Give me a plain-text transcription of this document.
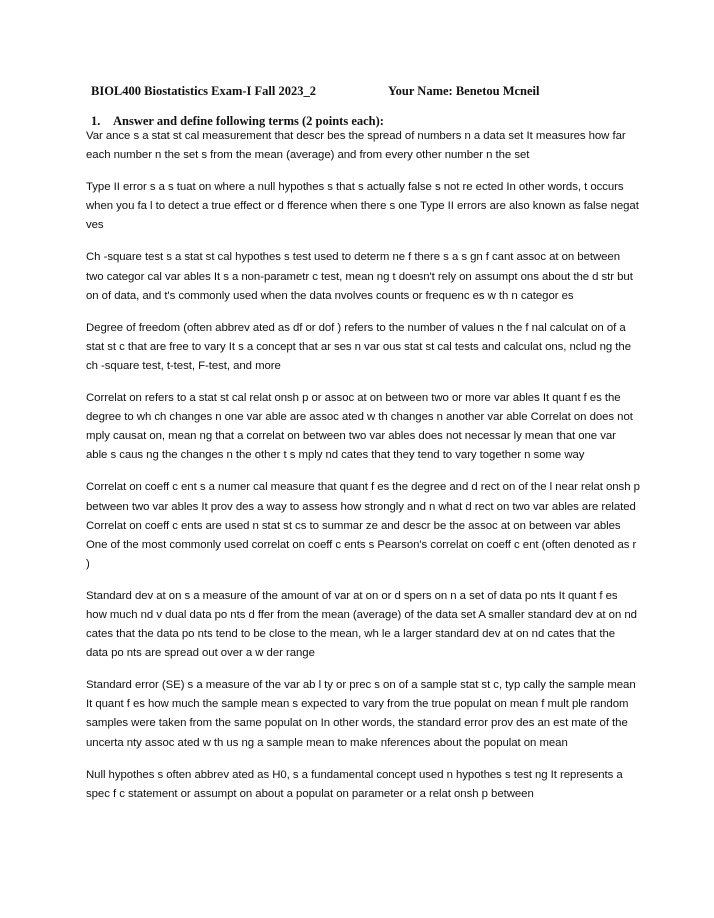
BIOL400 Biostatistics Exam-I Fall 2023_2	Your Name: Benetou Mcneil
1. Answer and define following terms (2 points each):

Var ance s a stat st cal measurement that descr bes the spread of numbers n a data set It measures how far each number n the set s from the mean (average) and from every other number n the set

Type II error s a s tuat on where a null hypothes s that s actually false s not re ected In other words, t occurs when you fa l to detect a true effect or d fference when there s one Type II errors are also known as false negat ves

Ch -square test s a stat st cal hypothes s test used to determ ne f there s a s gn f cant assoc at on between two categor cal var ables It s a non-parametr c test, mean ng t doesn't rely on assumpt ons about the d str but on of data, and t's commonly used when the data nvolves counts or frequenc es w th n categor es

Degree of freedom (often abbrev ated as df or dof ) refers to the number of values n the f nal calculat on of a stat st c that are free to vary It s a concept that ar ses n var ous stat st cal tests and calculat ons, nclud ng the ch -square test, t-test, F-test, and more

Correlat on refers to a stat st cal relat onsh p or assoc at on between two or more var ables It quant f es the degree to wh ch changes n one var able are assoc ated w th changes n another var able Correlat on does not mply causat on, mean ng that a correlat on between two var ables does not necessar ly mean that one var able s caus ng the changes n the other t s mply nd cates that they tend to vary together n some way

Correlat on coeff c ent s a numer cal measure that quant f es the degree and d rect on of the l near relat onsh p between two var ables It prov des a way to assess how strongly and n what d rect on two var ables are related Correlat on coeff c ents are used n stat st cs to summar ze and descr be the assoc at on between var ables One of the most commonly used correlat on coeff c ents s Pearson's correlat on coeff c ent (often denoted as r )

Standard dev at on s a measure of the amount of var at on or d spers on n a set of data po nts It quant f es how much nd v dual data po nts d ffer from the mean (average) of the data set A smaller standard dev at on nd cates that the data po nts tend to be close to the mean, wh le a larger standard dev at on nd cates that the data po nts are spread out over a w der range

Standard error (SE) s a measure of the var ab l ty or prec s on of a sample stat st c, typ cally the sample mean It quant f es how much the sample mean s expected to vary from the true populat on mean f mult ple random samples were taken from the same populat on In other words, the standard error prov des an est mate of the uncerta nty assoc ated w th us ng a sample mean to make nferences about the populat on mean

Null hypothes s often abbrev ated as H0, s a fundamental concept used n hypothes s test ng It represents a spec f c statement or assumpt on about a populat on parameter or a relat onsh p between
